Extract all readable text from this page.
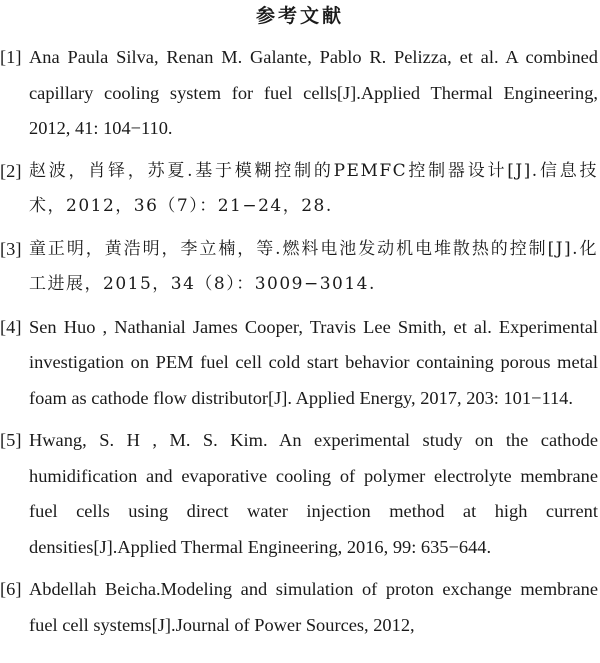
参考文献
[1] Ana Paula Silva, Renan M. Galante, Pablo R. Pelizza, et al. A combined capillary cooling system for fuel cells[J].Applied Thermal Engineering, 2012, 41: 104−110.
[2] 赵波，肖铎，苏夏.基于模糊控制的PEMFC控制器设计[J].信息技术，2012，36（7）：21−24，28.
[3] 童正明，黄浩明，李立楠，等.燃料电池发动机电堆散热的控制[J].化工进展，2015，34（8）：3009−3014.
[4] Sen Huo , Nathanial James Cooper, Travis Lee Smith, et al. Experimental investigation on PEM fuel cell cold start behavior containing porous metal foam as cathode flow distributor[J]. Applied Energy, 2017, 203: 101−114.
[5] Hwang, S. H , M. S. Kim. An experimental study on the cathode humidification and evaporative cooling of polymer electrolyte membrane fuel cells using direct water injection method at high current densities[J].Applied Thermal Engineering, 2016, 99: 635−644.
[6] Abdellah Beicha.Modeling and simulation of proton exchange membrane fuel cell systems[J].Journal of Power Sources, 2012,
